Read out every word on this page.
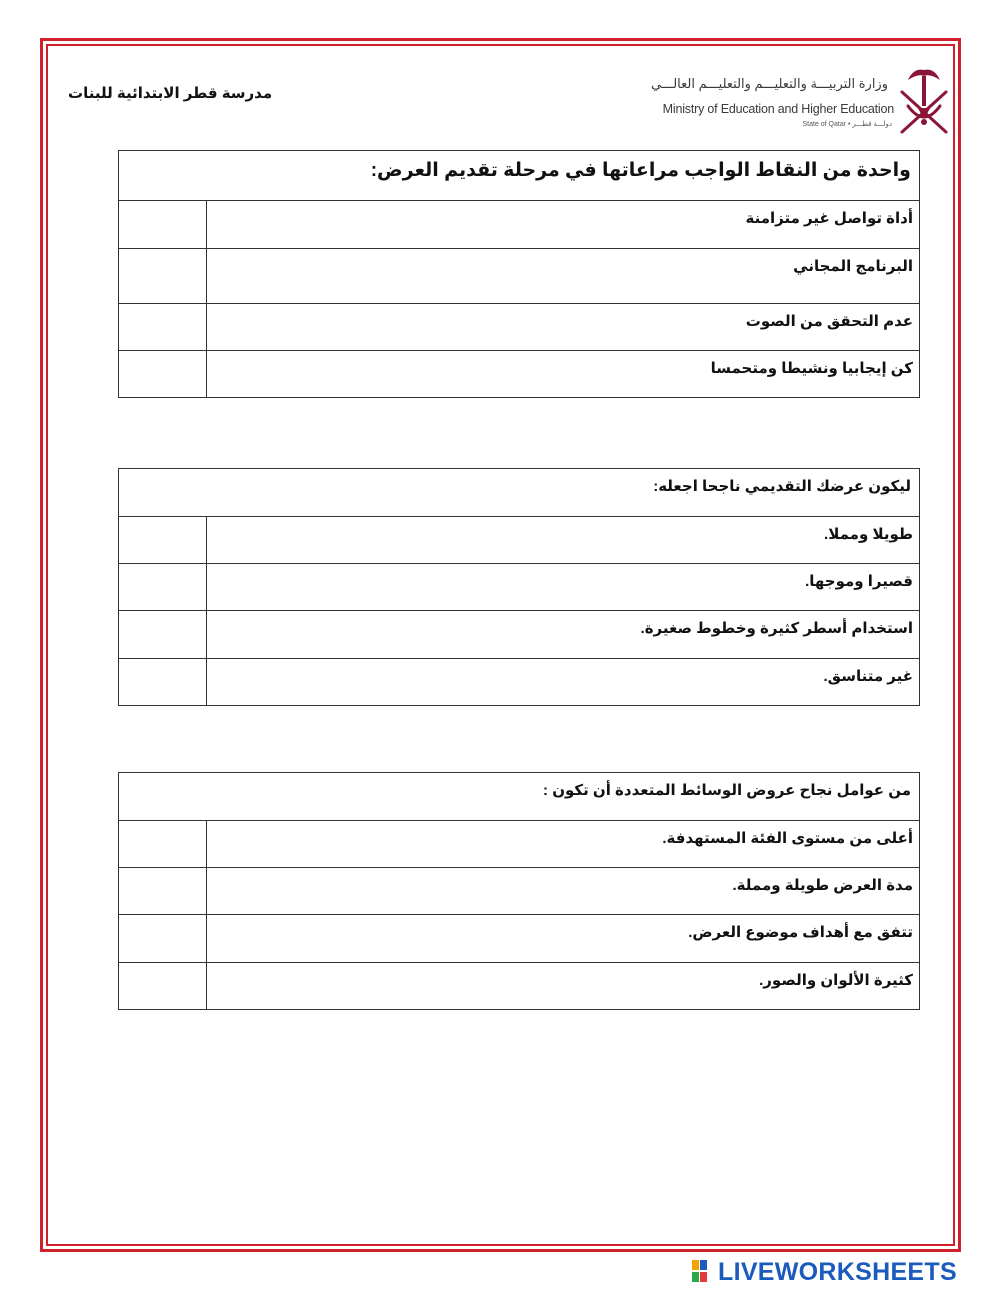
مدرسة قطر الابتدائية للبنات
وزارة التربيـــة والتعليـــم والتعليـــم العالـــي
Ministry of Education and Higher Education
State of Qatar • دولـــة قطـــر
واحدة من النقاط الواجب مراعاتها في مرحلة تقديم العرض:	
أداة تواصل غير متزامنة	
البرنامج المجاني	
عدم التحقق من الصوت	
كن إيجابيا ونشيطا ومتحمسا	
ليكون عرضك التقديمي ناجحا اجعله:	
طويلا ومملا.	
قصيرا وموجها.	
استخدام أسطر كثيرة وخطوط صغيرة.	
غير متناسق.	
من عوامل نجاح عروض الوسائط المتعددة أن تكون :	
أعلى من مستوى الفئة المستهدفة.	
مدة العرض طويلة ومملة.	
تتفق مع أهداف موضوع العرض.	
كثيرة الألوان والصور.	
LIVEWORKSHEETS
